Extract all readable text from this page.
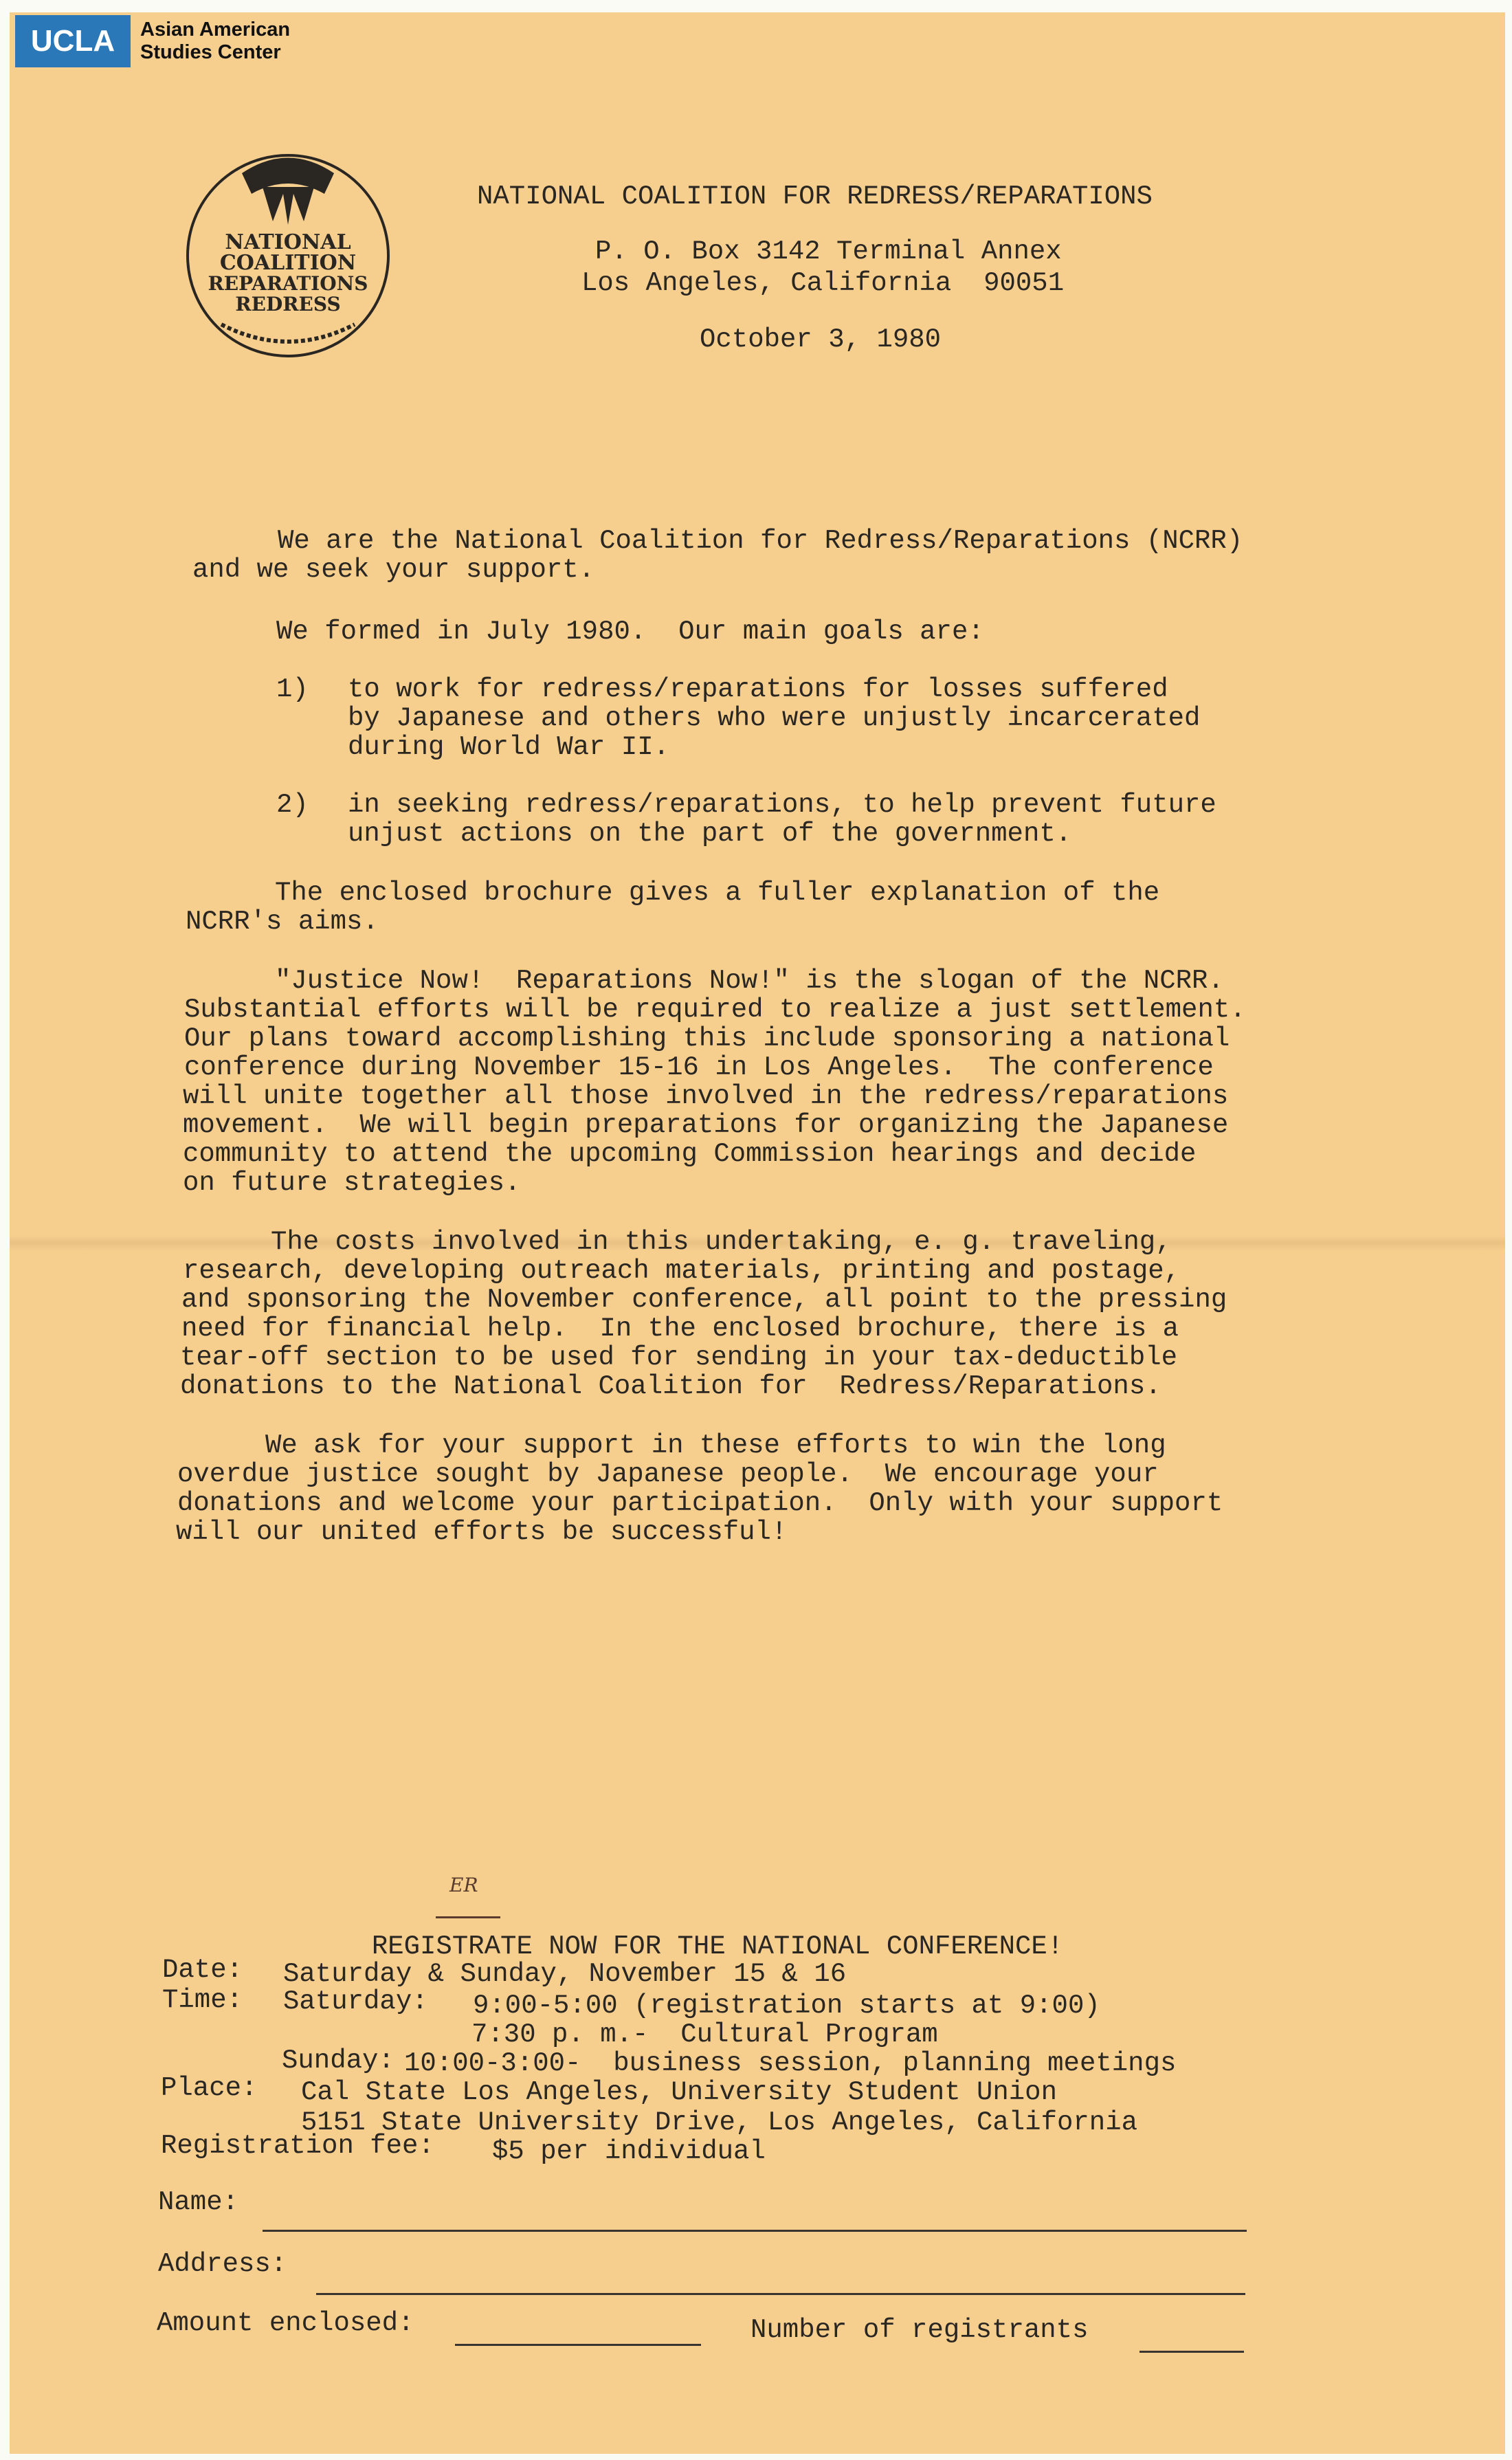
UCLA	Asian American
Studies Center
NATIONAL
COALITION
REPARATIONS
REDRESS
NATIONAL COALITION FOR REDRESS/REPARATIONS
P. O. Box 3142 Terminal Annex
Los Angeles, California  90051
October 3, 1980
We are the National Coalition for Redress/Reparations (NCRR)
and we seek your support.
We formed in July 1980.  Our main goals are:
1) to work for redress/reparations for losses suffered
by Japanese and others who were unjustly incarcerated
during World War II.
2) in seeking redress/reparations, to help prevent future
unjust actions on the part of the government.
The enclosed brochure gives a fuller explanation of the
NCRR's aims.
"Justice Now!  Reparations Now!" is the slogan of the NCRR.
Substantial efforts will be required to realize a just settlement.
Our plans toward accomplishing this include sponsoring a national
conference during November 15-16 in Los Angeles.  The conference
will unite together all those involved in the redress/reparations
movement.  We will begin preparations for organizing the Japanese
community to attend the upcoming Commission hearings and decide
on future strategies.
The costs involved in this undertaking, e. g. traveling,
research, developing outreach materials, printing and postage,
and sponsoring the November conference, all point to the pressing
need for financial help.  In the enclosed brochure, there is a
tear-off section to be used for sending in your tax-deductible
donations to the National Coalition for  Redress/Reparations.
We ask for your support in these efforts to win the long
overdue justice sought by Japanese people.  We encourage your
donations and welcome your participation.  Only with your support
will our united efforts be successful!

REGISTRATE NOW FOR THE NATIONAL CONFERENCE!

ER
Date: Saturday & Sunday, November 15 & 16
Time: Saturday: 9:00-5:00 (registration starts at 9:00)
7:30 p. m.-  Cultural Program
Sunday: 10:00-3:00-  business session, planning meetings
Place: Cal State Los Angeles, University Student Union
5151 State University Drive, Los Angeles, California
Registration fee: $5 per individual
Name:
Address:
Amount enclosed:	Number of registrants
